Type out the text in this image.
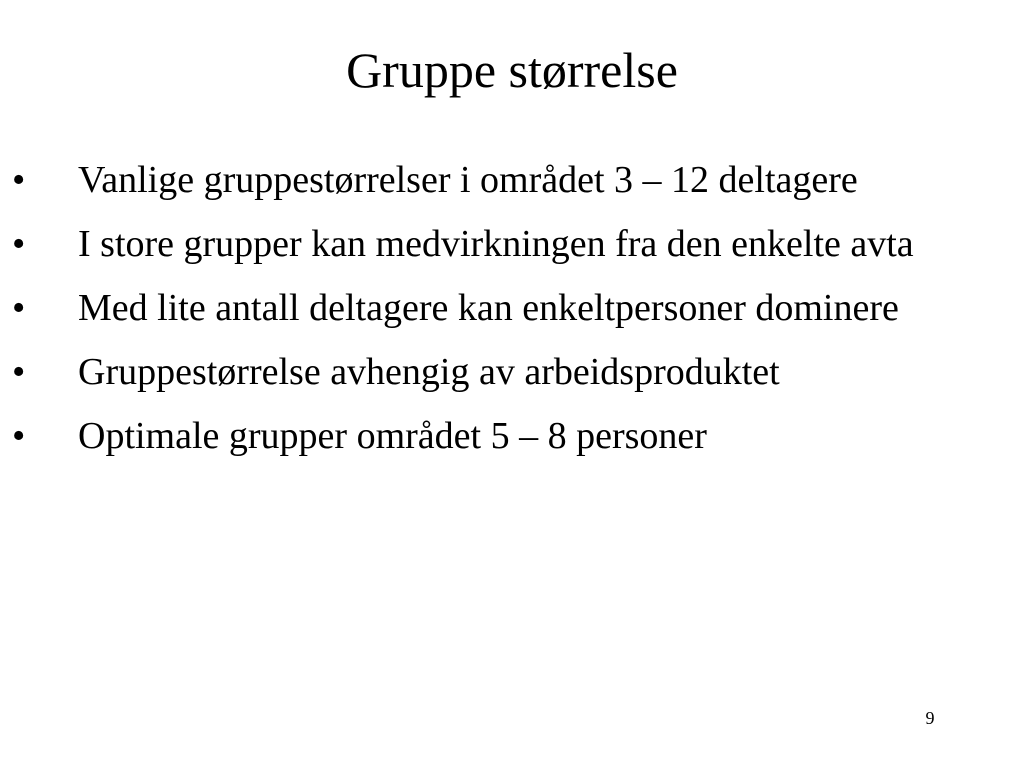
Gruppe størrelse
•	Vanlige gruppestørrelser i området 3 – 12 deltagere
•	I store grupper kan medvirkningen fra den enkelte avta
•	Med lite antall deltagere kan enkeltpersoner dominere
•	Gruppestørrelse avhengig av arbeidsproduktet
•	Optimale grupper området 5 – 8 personer
9
